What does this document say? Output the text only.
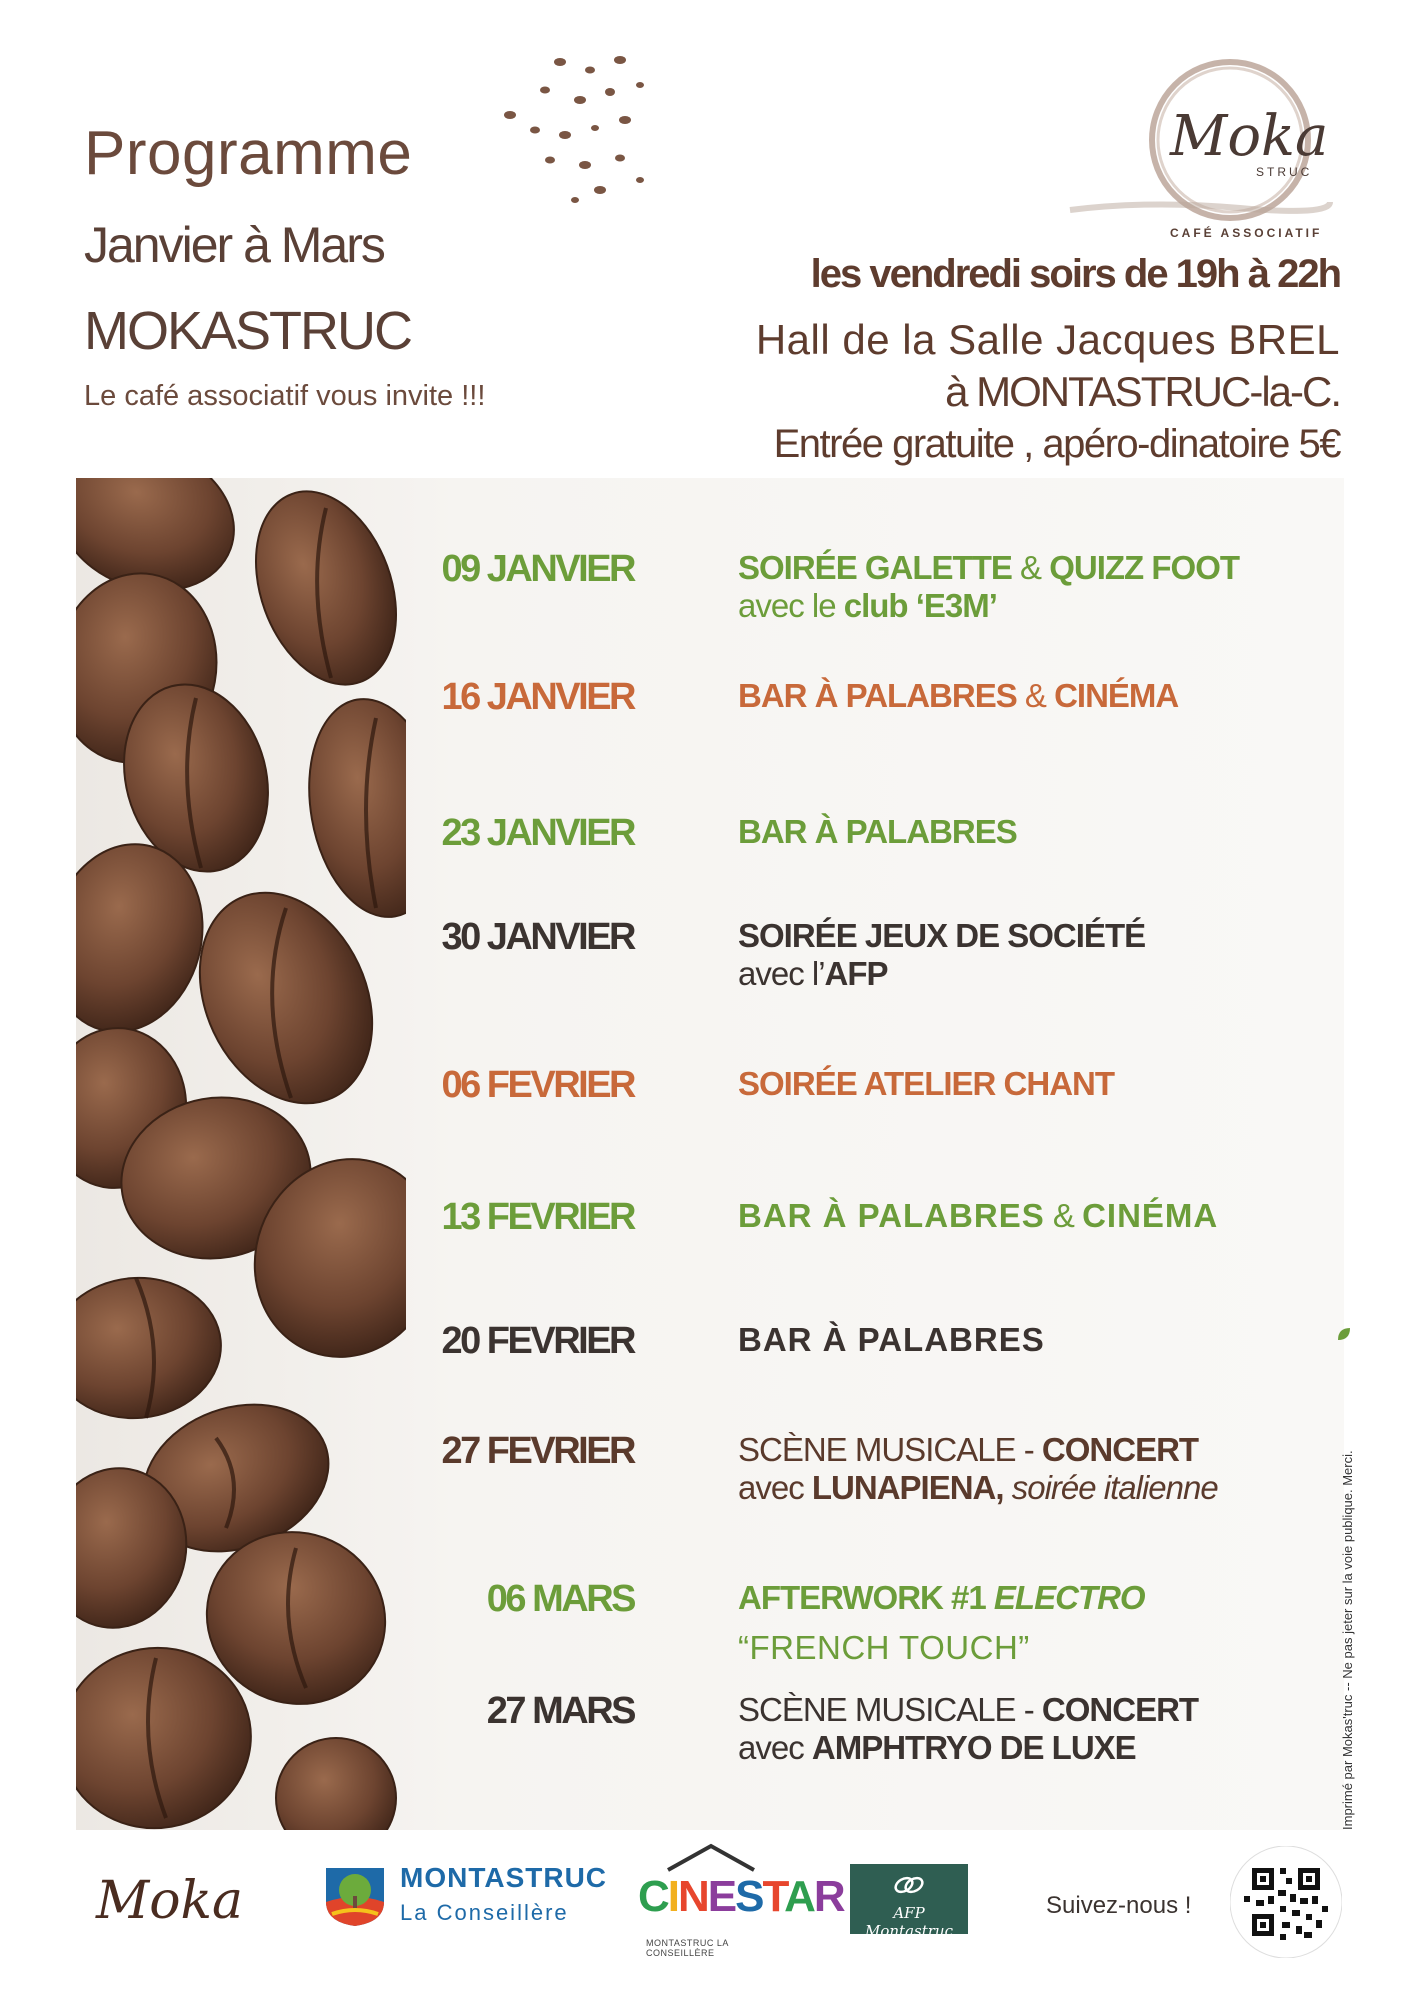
Programme
Janvier à Mars
MOKASTRUC
Le café associatif vous invite !!!
Moka
STRUC
CAFÉ ASSOCIATIF
les vendredi soirs de 19h à 22h
Hall de la Salle Jacques BREL
à MONTASTRUC-la-C.
Entrée gratuite , apéro-dinatoire 5€
09 JANVIER	SOIRÉE GALETTE & QUIZZ FOOT
avec le club ‘E3M’
16 JANVIER	BAR À PALABRES & CINÉMA
23 JANVIER	BAR À PALABRES
30 JANVIER	SOIRÉE JEUX DE SOCIÉTÉ
avec l’AFP
06 FEVRIER	SOIRÉE ATELIER CHANT
13 FEVRIER	BAR À PALABRES & CINÉMA
20 FEVRIER	BAR À PALABRES
27 FEVRIER	SCÈNE MUSICALE - CONCERT
avec LUNAPIENA, soirée italienne
06 MARS	AFTERWORK #1 ELECTRO
“FRENCH TOUCH”
27 MARS	SCÈNE MUSICALE - CONCERT
avec AMPHTRYO DE LUXE	Imprimé par Mokas'truc -- Ne pas jeter sur la voie publique. Merci.
Moka	MONTASTRUC
La Conseillère CINESTAR
MONTASTRUC LA CONSEILLÈRE
AFP Montastruc
Suivez-nous !
